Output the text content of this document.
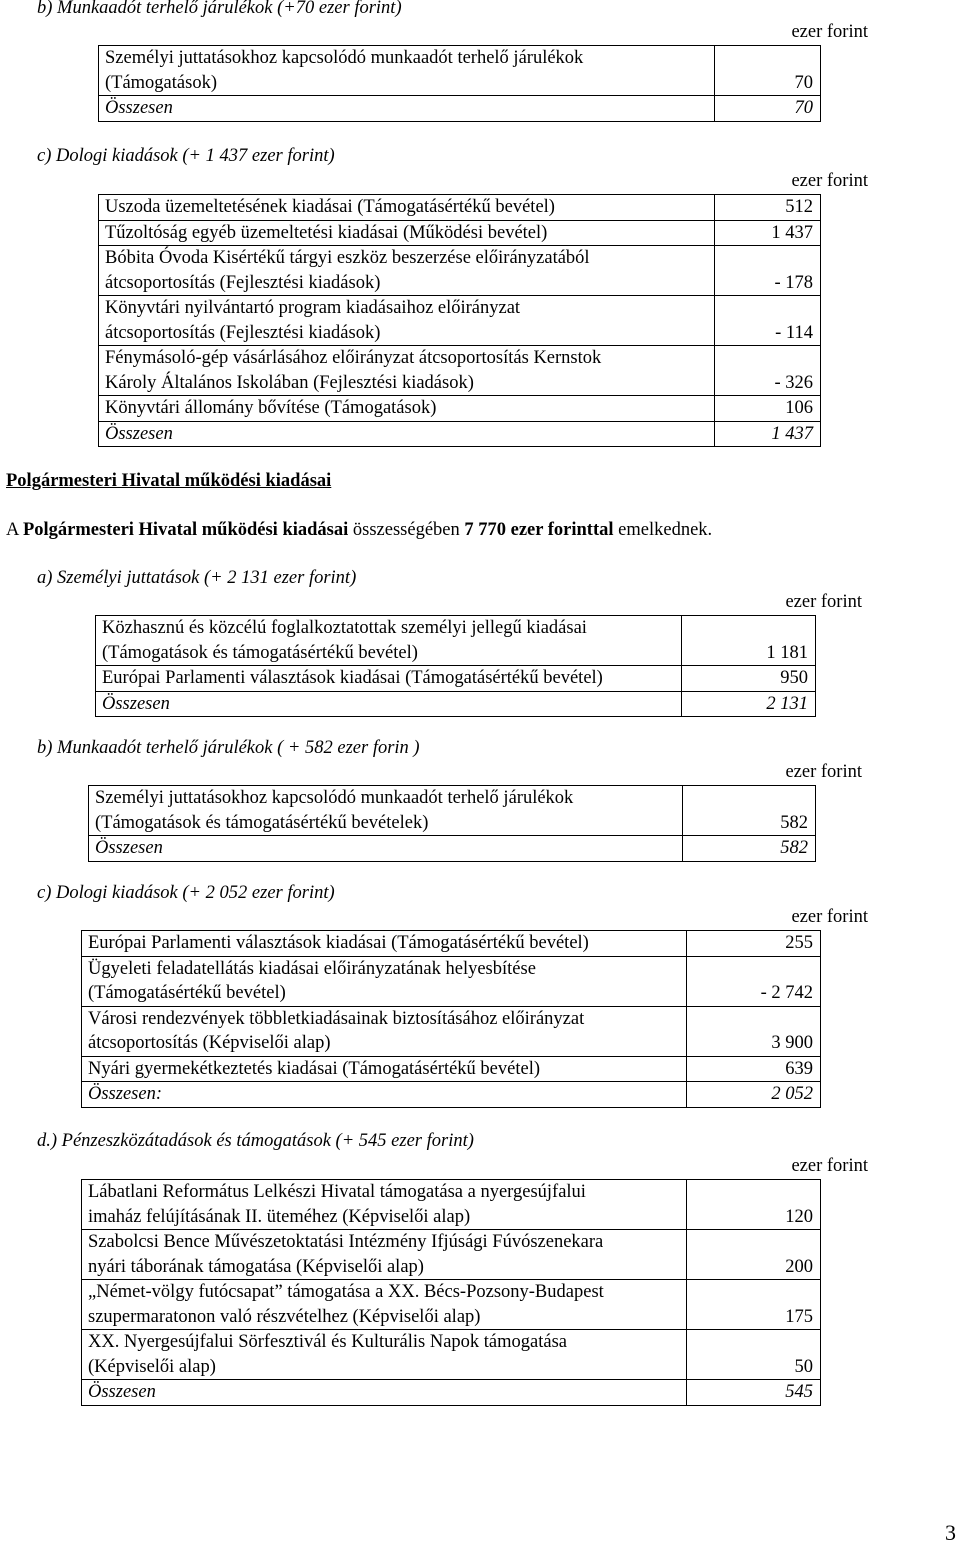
b) Munkaadót terhelő járulékok (+70 ezer forint)
ezer forint
Személyi juttatásokhoz kapcsolódó munkaadót terhelő járulékok
(Támogatások)	70
Összesen	70
c) Dologi kiadások (+ 1 437 ezer forint)
ezer forint
Uszoda üzemeltetésének kiadásai (Támogatásértékű bevétel)	512

Tűzoltóság egyéb üzemeltetési kiadásai (Működési bevétel)	1 437

Bóbita Óvoda Kisértékű tárgyi eszköz beszerzése előirányzatából
átcsoportosítás (Fejlesztési kiadások)	- 178

Könyvtári nyilvántartó program kiadásaihoz előirányzat
átcsoportosítás (Fejlesztési kiadások)	- 114

Fénymásoló-gép vásárlásához előirányzat átcsoportosítás Kernstok
Károly Általános Iskolában (Fejlesztési kiadások)	- 326

Könyvtári állomány bővítése (Támogatások)	106
Összesen	1 437
Polgármesteri Hivatal működési kiadásai
A Polgármesteri Hivatal működési kiadásai összességében 7 770 ezer forinttal emelkednek.
a) Személyi juttatások (+ 2 131 ezer forint)
ezer forint
Közhasznú és közcélú foglalkoztatottak személyi jellegű kiadásai
(Támogatások és támogatásértékű bevétel)	1 181

Európai Parlamenti választások kiadásai (Támogatásértékű bevétel)	950
Összesen	2 131
b) Munkaadót terhelő járulékok ( + 582 ezer forin )
ezer forint
Személyi juttatásokhoz kapcsolódó munkaadót terhelő járulékok
(Támogatások és támogatásértékű bevételek)	582
Összesen	582
c) Dologi kiadások (+ 2 052 ezer forint)
ezer forint
Európai Parlamenti választások kiadásai (Támogatásértékű bevétel)	255

Ügyeleti feladatellátás kiadásai előirányzatának helyesbítése
(Támogatásértékű bevétel)	- 2 742

Városi rendezvények többletkiadásainak biztosításához előirányzat
átcsoportosítás (Képviselői alap)	3 900

Nyári gyermekétkeztetés kiadásai (Támogatásértékű bevétel)	639
Összesen:	2 052
d.) Pénzeszközátadások és támogatások (+ 545 ezer forint)
ezer forint
Lábatlani Református Lelkészi Hivatal támogatása a nyergesújfalui
imaház felújításának II. üteméhez (Képviselői alap)	120

Szabolcsi Bence Művészetoktatási Intézmény Ifjúsági Fúvószenekara
nyári táborának támogatása (Képviselői alap)	200

„Német-völgy futócsapat” támogatása a XX. Bécs-Pozsony-Budapest
szupermaratonon való részvételhez (Képviselői alap)	175

XX. Nyergesújfalui Sörfesztivál és Kulturális Napok támogatása
(Képviselői alap)	50
Összesen	545
3
